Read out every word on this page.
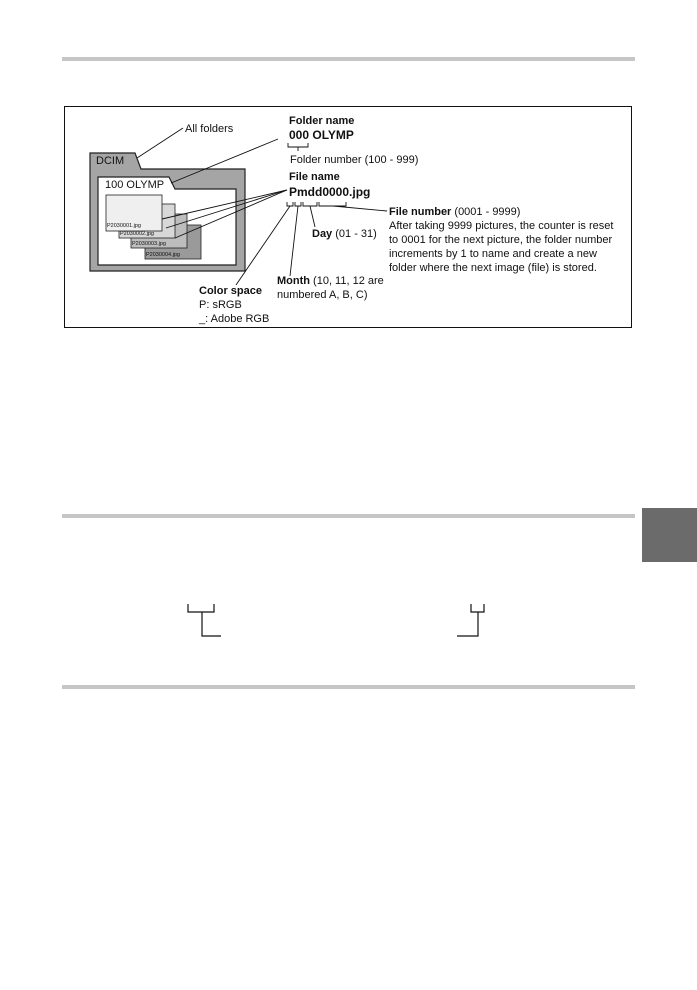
DCIM
100 OLYMP
P2030001.jpg
P2030002.jpg
P2030003.jpg
P2030004.jpg
All folders
Folder name
000 OLYMP
Folder number (100 - 999)
File name
Pmdd0000.jpg
File number (0001 - 9999)
After taking 9999 pictures, the counter is reset
to 0001 for the next picture, the folder number
increments by 1 to name and create a new
folder where the next image (file) is stored.
Day (01 - 31)
Month (10, 11, 12 are
numbered A, B, C)
Color space
P: sRGB
_: Adobe RGB
